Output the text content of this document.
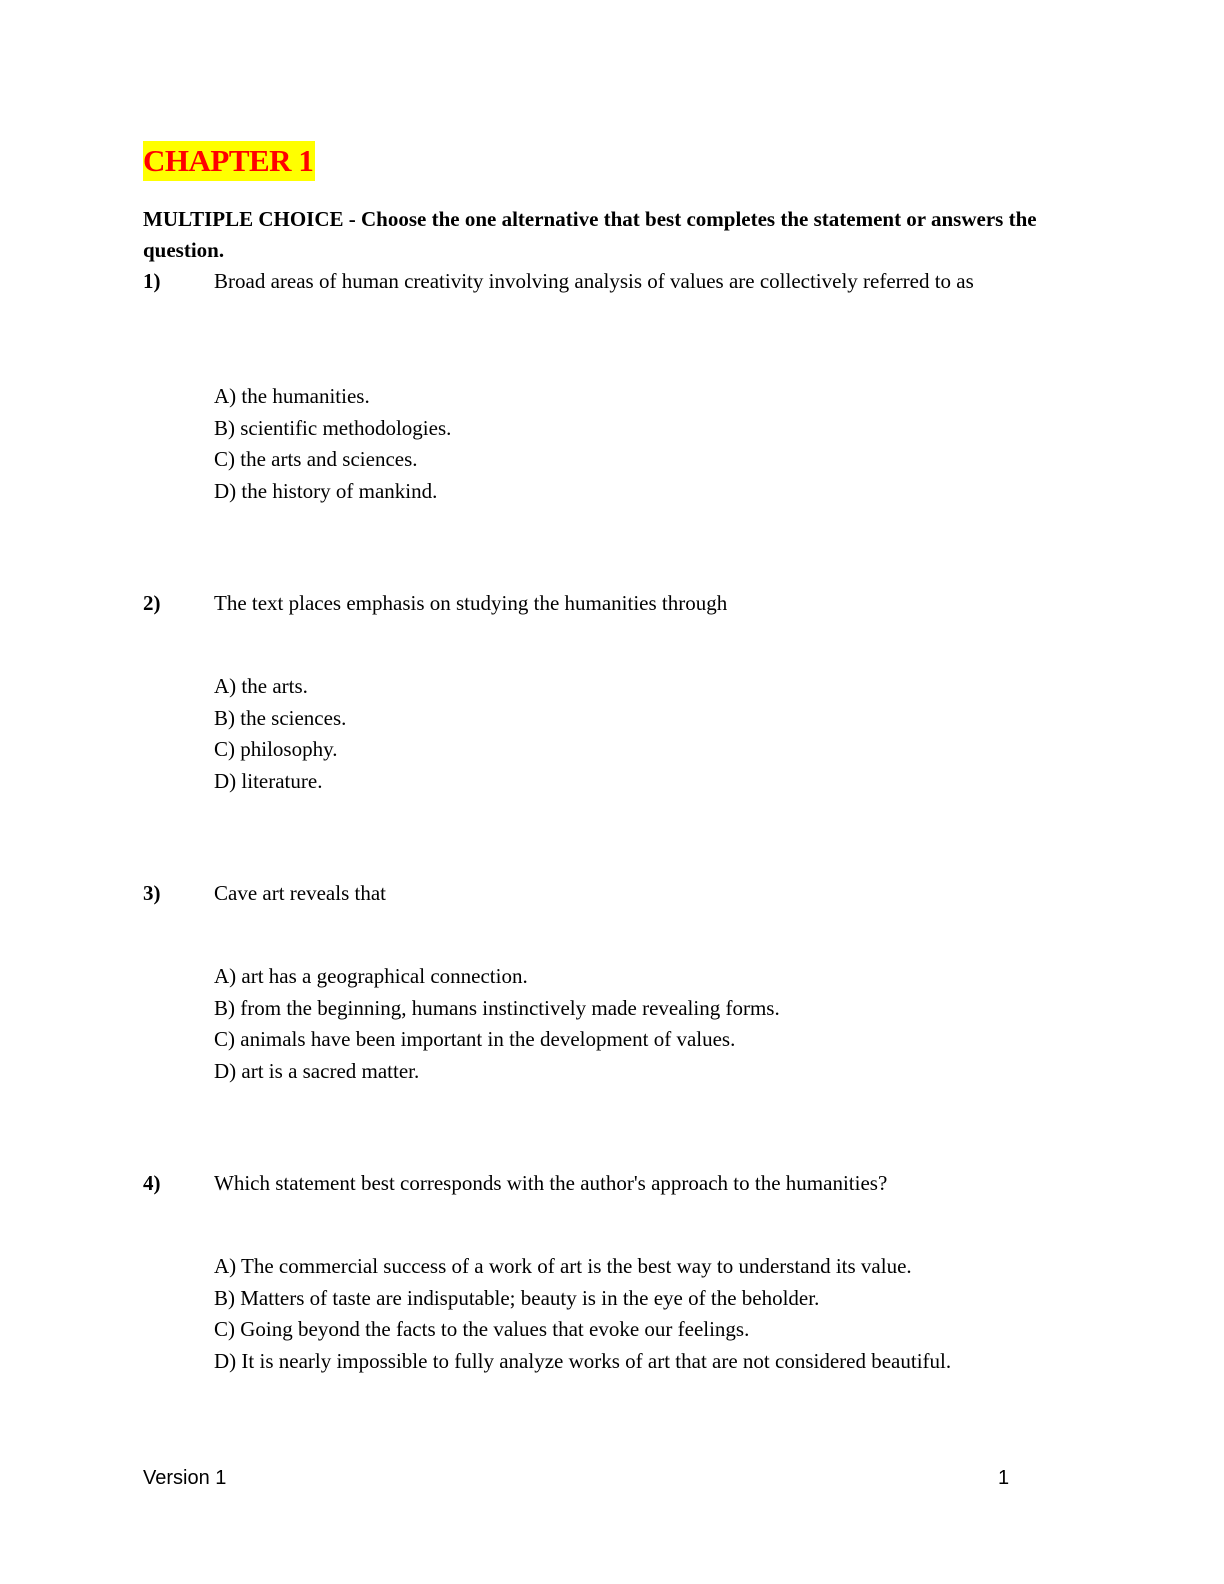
CHAPTER 1
MULTIPLE CHOICE - Choose the one alternative that best completes the statement or answers the question.
1)	Broad areas of human creativity involving analysis of values are collectively referred to as
A) the humanities.
B) scientific methodologies.
C) the arts and sciences.
D) the history of mankind.
2)	The text places emphasis on studying the humanities through
A) the arts.
B) the sciences.
C) philosophy.
D) literature.
3)	Cave art reveals that
A) art has a geographical connection.
B) from the beginning, humans instinctively made revealing forms.
C) animals have been important in the development of values.
D) art is a sacred matter.
4)	Which statement best corresponds with the author's approach to the humanities?
A) The commercial success of a work of art is the best way to understand its value.
B) Matters of taste are indisputable; beauty is in the eye of the beholder.
C) Going beyond the facts to the values that evoke our feelings.
D) It is nearly impossible to fully analyze works of art that are not considered beautiful.
Version 1	1
